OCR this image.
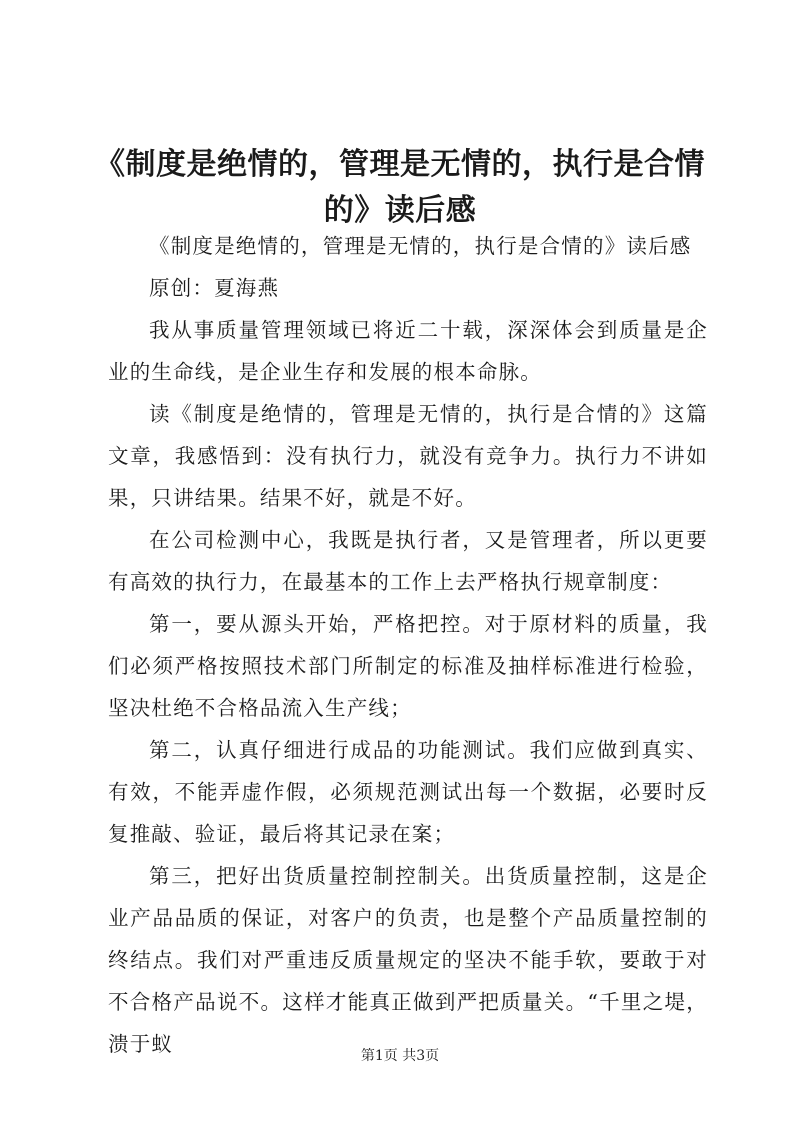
《制度是绝情的，管理是无情的，执行是合情的》读后感

《制度是绝情的，管理是无情的，执行是合情的》读后感

原创：夏海燕

我从事质量管理领域已将近二十载，深深体会到质量是企业的生命线，是企业生存和发展的根本命脉。

读《制度是绝情的，管理是无情的，执行是合情的》这篇文章，我感悟到：没有执行力，就没有竞争力。执行力不讲如果，只讲结果。结果不好，就是不好。

在公司检测中心，我既是执行者，又是管理者，所以更要有高效的执行力，在最基本的工作上去严格执行规章制度：

第一，要从源头开始，严格把控。对于原材料的质量，我们必须严格按照技术部门所制定的标准及抽样标准进行检验，坚决杜绝不合格品流入生产线；

第二，认真仔细进行成品的功能测试。我们应做到真实、有效，不能弄虚作假，必须规范测试出每一个数据，必要时反复推敲、验证，最后将其记录在案；

第三，把好出货质量控制控制关。出货质量控制，这是企业产品品质的保证，对客户的负责，也是整个产品质量控制的终结点。我们对严重违反质量规定的坚决不能手软，要敢于对不合格产品说不。这样才能真正做到严把质量关。“千里之堤，溃于蚁	第1页 共3页
